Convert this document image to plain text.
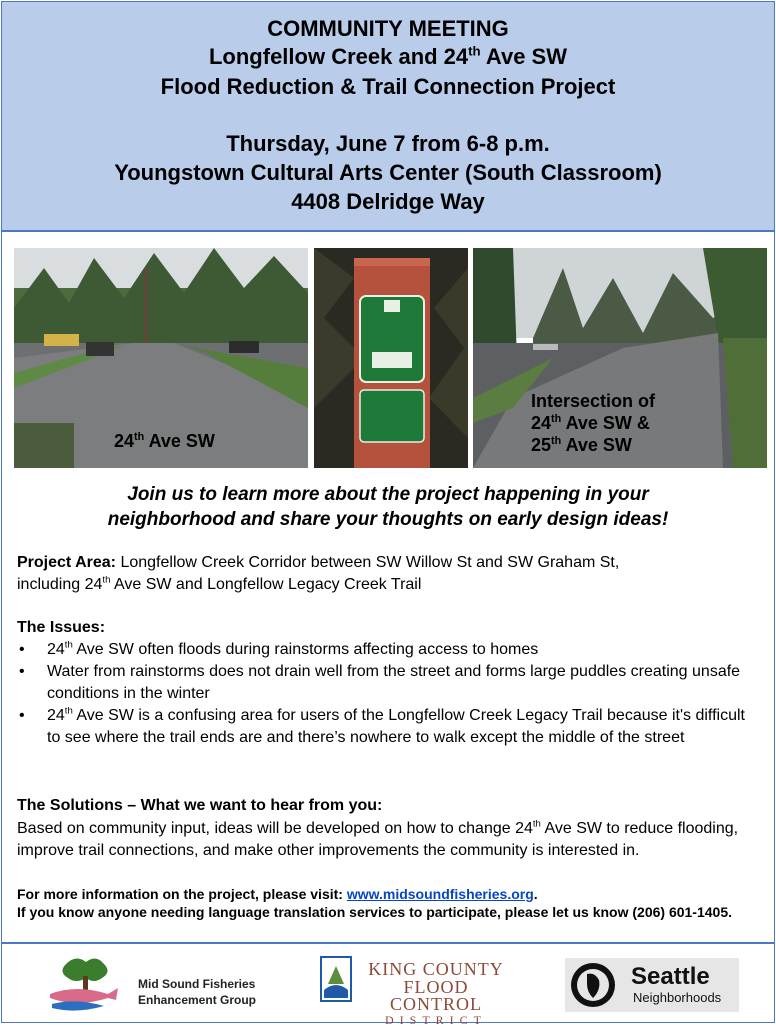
COMMUNITY MEETING
Longfellow Creek and 24th Ave SW
Flood Reduction & Trail Connection Project
Thursday, June 7 from 6-8 p.m.
Youngstown Cultural Arts Center (South Classroom)
4408 Delridge Way
24th Ave SW
Intersection of
24th Ave SW &
25th Ave SW
Join us to learn more about the project happening in your
neighborhood and share your thoughts on early design ideas!
Project Area: Longfellow Creek Corridor between SW Willow St and SW Graham St,
including 24th Ave SW and Longfellow Legacy Creek Trail
The Issues:
• 24th Ave SW often floods during rainstorms affecting access to homes
• Water from rainstorms does not drain well from the street and forms large puddles creating unsafe conditions in the winter
• 24th Ave SW is a confusing area for users of the Longfellow Creek Legacy Trail because it's difficult to see where the trail ends are and there’s nowhere to walk except the middle of the street
The Solutions – What we want to hear from you:
Based on community input, ideas will be developed on how to change 24th Ave SW to reduce flooding, improve trail connections, and make other improvements the community is interested in.
For more information on the project, please visit: www.midsoundfisheries.org.
If you know anyone needing language translation services to participate, please let us know (206) 601-1405.
Mid Sound Fisheries
Enhancement Group
KING COUNTY
FLOOD CONTROL
DISTRICT
Seattle
Neighborhoods
